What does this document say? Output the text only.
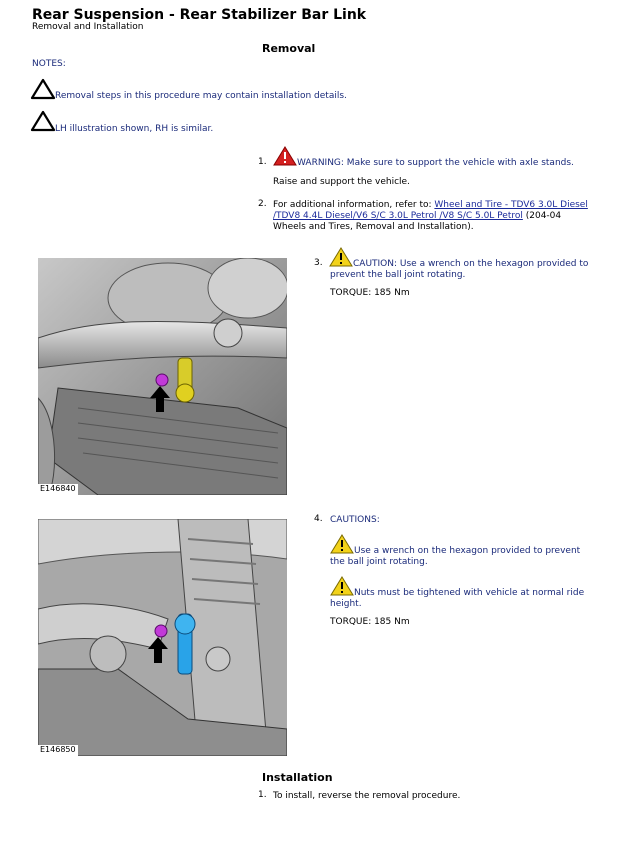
Rear Suspension - Rear Stabilizer Bar Link
Removal and Installation
Removal
NOTES:
Removal steps in this procedure may contain installation details.
LH illustration shown, RH is similar.
1.	WARNING: Make sure to support the vehicle with axle stands.
Raise and support the vehicle.
2. For additional information, refer to: Wheel and Tire - TDV6 3.0L Diesel
/TDV8 4.4L Diesel/V6 S/C 3.0L Petrol /V8 S/C 5.0L Petrol (204-04
Wheels and Tires, Removal and Installation).
E146840
3.	CAUTION: Use a wrench on the hexagon provided to
prevent the ball joint rotating.
TORQUE: 185 Nm
E146850
4. CAUTIONS:
Use a wrench on the hexagon provided to prevent
the ball joint rotating.
Nuts must be tightened with vehicle at normal ride
height.
TORQUE: 185 Nm
Installation
1. To install, reverse the removal procedure.
